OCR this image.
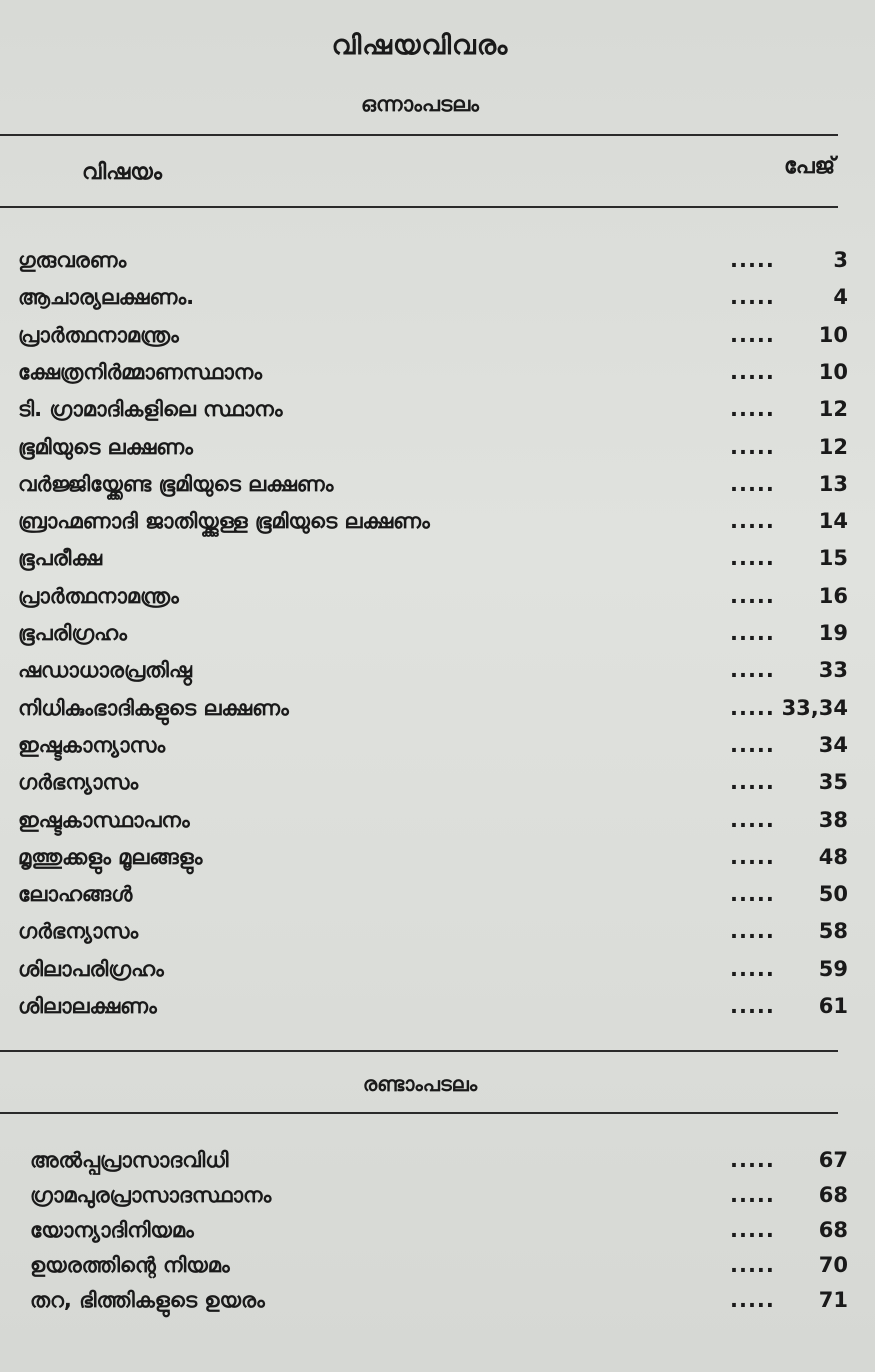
വിഷയവിവരം
ഒന്നാംപടലം
വിഷയം	പേജ്
ഗുരുവരണം	.....	3
ആചാര്യലക്ഷണം.	.....	4
പ്രാർത്ഥനാമന്ത്രം	..... 10
ക്ഷേത്രനിർമ്മാണസ്ഥാനം	..... 10
ടി. ഗ്രാമാദികളിലെ സ്ഥാനം	..... 12
ഭൂമിയുടെ ലക്ഷണം	..... 12
വർജ്ജിയ്ക്കേണ്ട ഭൂമിയുടെ ലക്ഷണം	..... 13
ബ്രാഹ്മണാദി ജാതിയ്ക്കുള്ള ഭൂമിയുടെ ലക്ഷണം	..... 14
ഭൂപരീക്ഷ	..... 15
പ്രാർത്ഥനാമന്ത്രം	..... 16
ഭൂപരിഗ്രഹം	..... 19
ഷഡാധാരപ്രതിഷ്ഠ	..... 33
നിധികുംഭാദികളുടെ ലക്ഷണം	..... 33,34
ഇഷ്ടകാന്യാസം	..... 34
ഗർഭന്യാസം	..... 35
ഇഷ്ടകാസ്ഥാപനം	..... 38
മൃത്തുക്കളും മൂലങ്ങളും	..... 48
ലോഹങ്ങൾ	..... 50
ഗർഭന്യാസം	..... 58
ശിലാപരിഗ്രഹം	..... 59
ശിലാലക്ഷണം	..... 61
രണ്ടാംപടലം
അൽപ്പപ്രാസാദവിധി	..... 67
ഗ്രാമപുരപ്രാസാദസ്ഥാനം	..... 68
യോന്യാദിനിയമം	..... 68
ഉയരത്തിന്റെ നിയമം	..... 70
തറ, ഭിത്തികളുടെ ഉയരം	..... 71
